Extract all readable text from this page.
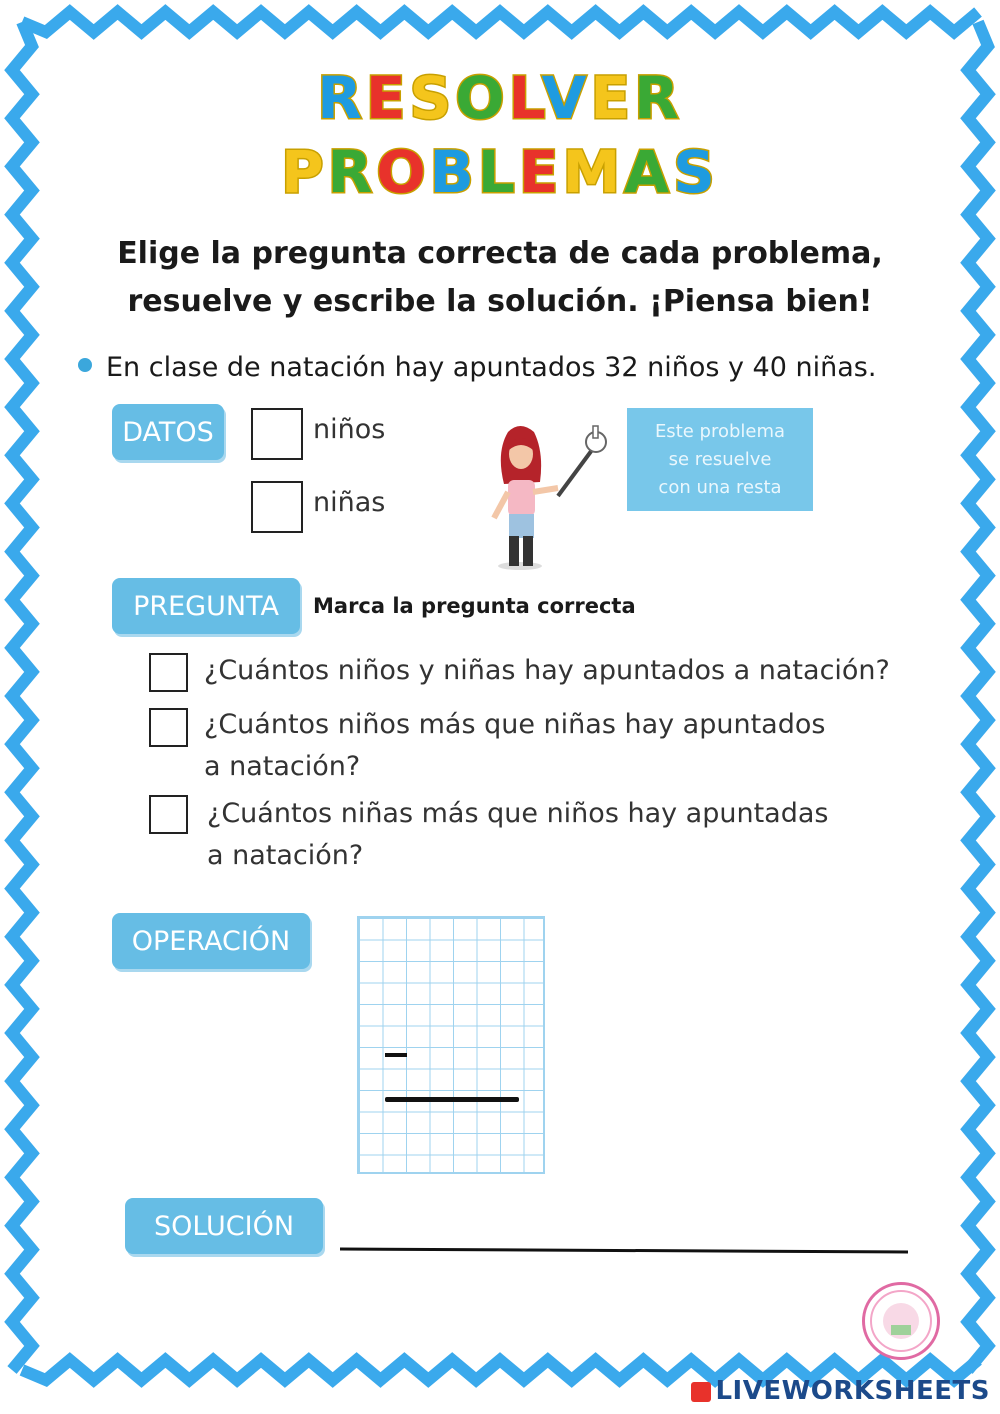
RESOLVER
PROBLEMAS
Elige la pregunta correcta de cada problema,
resuelve y escribe la solución. ¡Piensa bien!
En clase de natación hay apuntados 32 niños y 40 niñas.
DATOS	niños
niñas
Este problema
se resuelve
con una resta
PREGUNTA	Marca la pregunta correcta
¿Cuántos niños y niñas hay apuntados a natación?
¿Cuántos niños más que niñas hay apuntados
a natación?
¿Cuántos niñas más que niños hay apuntadas
a natación?
OPERACIÓN
SOLUCIÓN
LIVEWORKSHEETS
